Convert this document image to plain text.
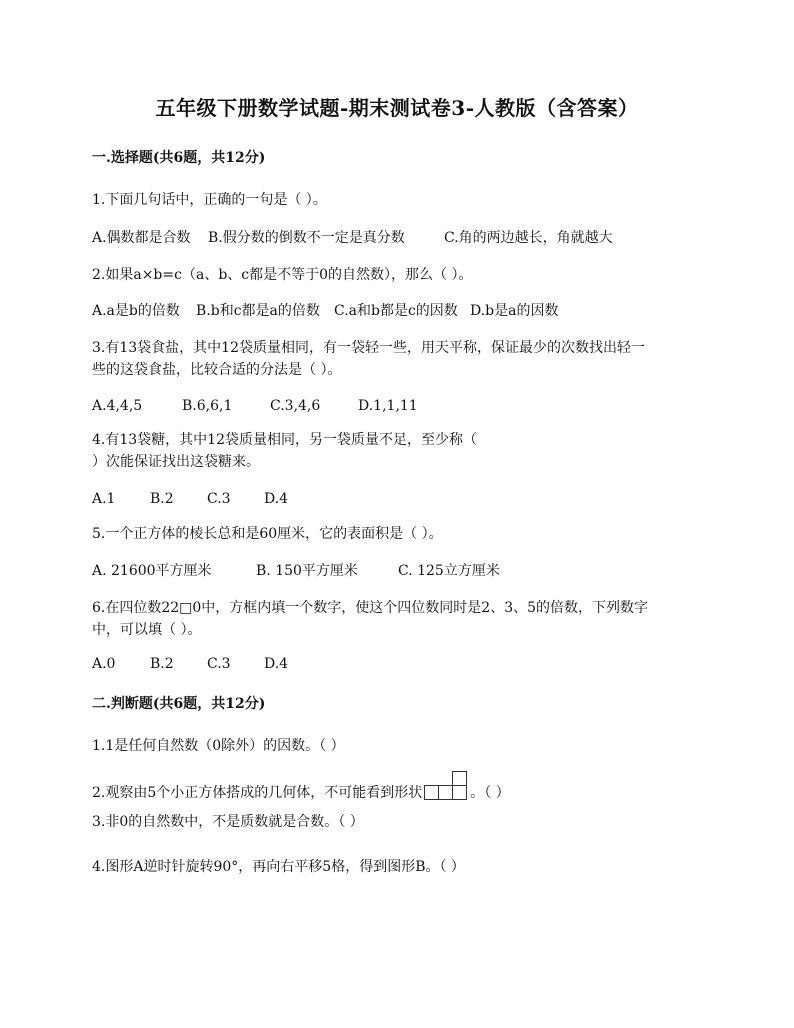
五年级下册数学试题-期末测试卷3-人教版（含答案）
一.选择题(共6题，共12分)
1.下面几句话中，正确的一句是（ ）。
A.偶数都是合数 B.假分数的倒数不一定是真分数	C.角的两边越长，角就越大
2.如果a×b=c（a、b、c都是不等于0的自然数），那么（ ）。
A.a是b的倍数 B.b和c都是a的倍数 C.a和b都是c的因数 D.b是a的因数
3.有13袋食盐，其中12袋质量相同，有一袋轻一些，用天平称，保证最少的次数找出轻一
些的这袋食盐，比较合适的分法是（ ）。
A.4,4,5	B.6,6,1	C.3,4,6	D.1,1,11
4.有13袋糖，其中12袋质量相同，另一袋质量不足，至少称（
）次能保证找出这袋糖来。
A.1 B.2 C.3 D.4
5.一个正方体的棱长总和是60厘米，它的表面积是（ ）。
A. 21600平方厘米	B. 150平方厘米	C. 125立方厘米
6.在四位数22□0中，方框内填一个数字，使这个四位数同时是2、3、5的倍数，下列数字
中，可以填（ ）。
A.0 B.2 C.3 D.4
二.判断题(共6题，共12分)
1.1是任何自然数（0除外）的因数。（ ）
2.观察由5个小正方体搭成的几何体，不可能看到形状	。（ ）
3.非0的自然数中，不是质数就是合数。（ ）
4.图形A逆时针旋转90°，再向右平移5格，得到图形B。（ ）
